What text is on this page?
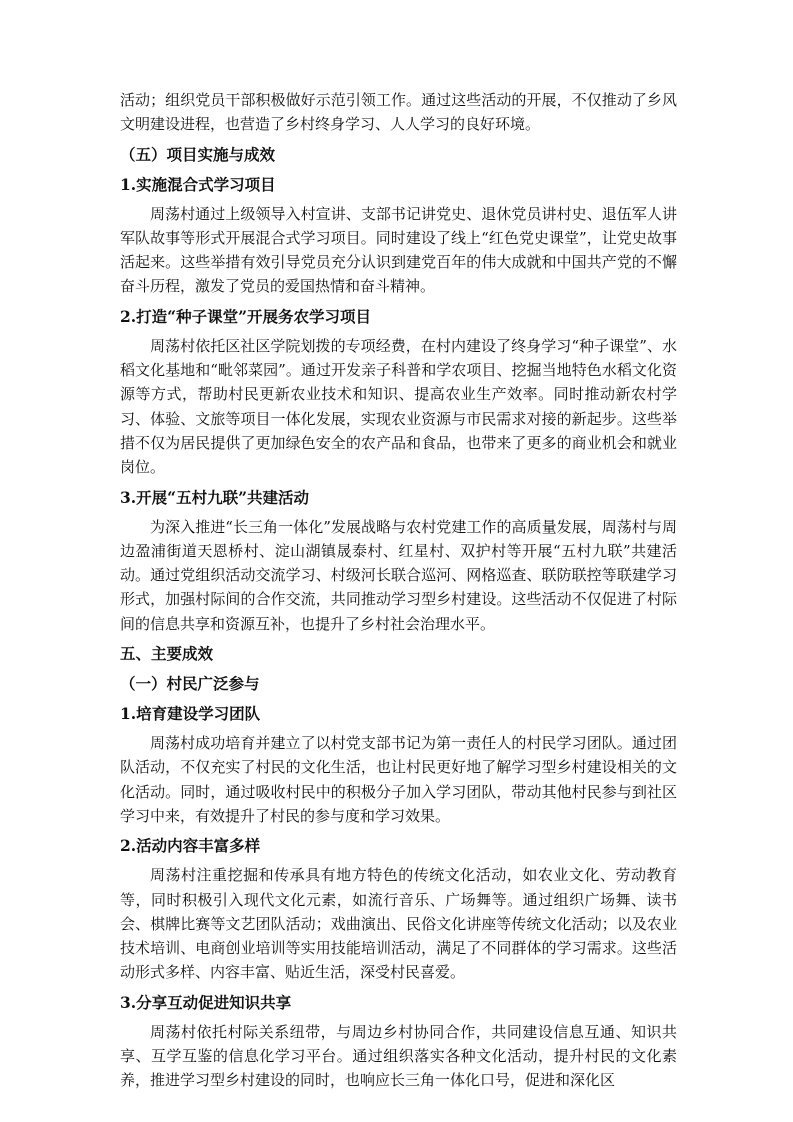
活动；组织党员干部积极做好示范引领工作。通过这些活动的开展，不仅推动了乡风文明建设进程，也营造了乡村终身学习、人人学习的良好环境。

（五）项目实施与成效
1.实施混合式学习项目

周荡村通过上级领导入村宣讲、支部书记讲党史、退休党员讲村史、退伍军人讲军队故事等形式开展混合式学习项目。同时建设了线上“红色党史课堂”，让党史故事活起来。这些举措有效引导党员充分认识到建党百年的伟大成就和中国共产党的不懈奋斗历程，激发了党员的爱国热情和奋斗精神。

2.打造“种子课堂”开展务农学习项目

周荡村依托区社区学院划拨的专项经费，在村内建设了终身学习“种子课堂”、水稻文化基地和“毗邻菜园”。通过开发亲子科普和学农项目、挖掘当地特色水稻文化资源等方式，帮助村民更新农业技术和知识、提高农业生产效率。同时推动新农村学习、体验、文旅等项目一体化发展，实现农业资源与市民需求对接的新起步。这些举措不仅为居民提供了更加绿色安全的农产品和食品，也带来了更多的商业机会和就业岗位。

3.开展“五村九联”共建活动

为深入推进“长三角一体化”发展战略与农村党建工作的高质量发展，周荡村与周边盈浦街道天恩桥村、淀山湖镇晟泰村、红星村、双护村等开展“五村九联”共建活动。通过党组织活动交流学习、村级河长联合巡河、网格巡查、联防联控等联建学习形式，加强村际间的合作交流，共同推动学习型乡村建设。这些活动不仅促进了村际间的信息共享和资源互补，也提升了乡村社会治理水平。

五、主要成效
（一）村民广泛参与
1.培育建设学习团队

周荡村成功培育并建立了以村党支部书记为第一责任人的村民学习团队。通过团队活动，不仅充实了村民的文化生活，也让村民更好地了解学习型乡村建设相关的文化活动。同时，通过吸收村民中的积极分子加入学习团队，带动其他村民参与到社区学习中来，有效提升了村民的参与度和学习效果。

2.活动内容丰富多样

周荡村注重挖掘和传承具有地方特色的传统文化活动，如农业文化、劳动教育等，同时积极引入现代文化元素，如流行音乐、广场舞等。通过组织广场舞、读书会、棋牌比赛等文艺团队活动；戏曲演出、民俗文化讲座等传统文化活动；以及农业技术培训、电商创业培训等实用技能培训活动，满足了不同群体的学习需求。这些活动形式多样、内容丰富、贴近生活，深受村民喜爱。

3.分享互动促进知识共享

周荡村依托村际关系纽带，与周边乡村协同合作，共同建设信息互通、知识共享、互学互鉴的信息化学习平台。通过组织落实各种文化活动，提升村民的文化素养，推进学习型乡村建设的同时，也响应长三角一体化口号，促进和深化区
